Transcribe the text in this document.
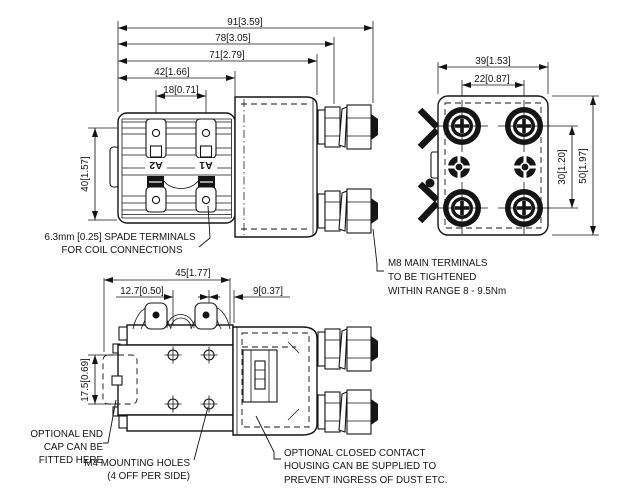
91[3.59]
78[3.05]
71[2.79]
42[1.66]
18[0.71]
40[1.57]	A2	A1
39[1.53]
22[0.87]
30[1.20] 50[1.97]
45[1.77]
12.7[0.50]	9[0.37]
17.5[0.69]
6.3mm [0.25] SPADE TERMINALS
FOR COIL CONNECTIONS
M8 MAIN TERMINALS
TO BE TIGHTENED
WITHIN RANGE 8 - 9.5Nm
OPTIONAL END
CAP CAN BE
FITTED HERE
M4 MOUNTING HOLES
(4 OFF PER SIDE)
OPTIONAL CLOSED CONTACT
HOUSING CAN BE SUPPLIED TO
PREVENT INGRESS OF DUST ETC.
